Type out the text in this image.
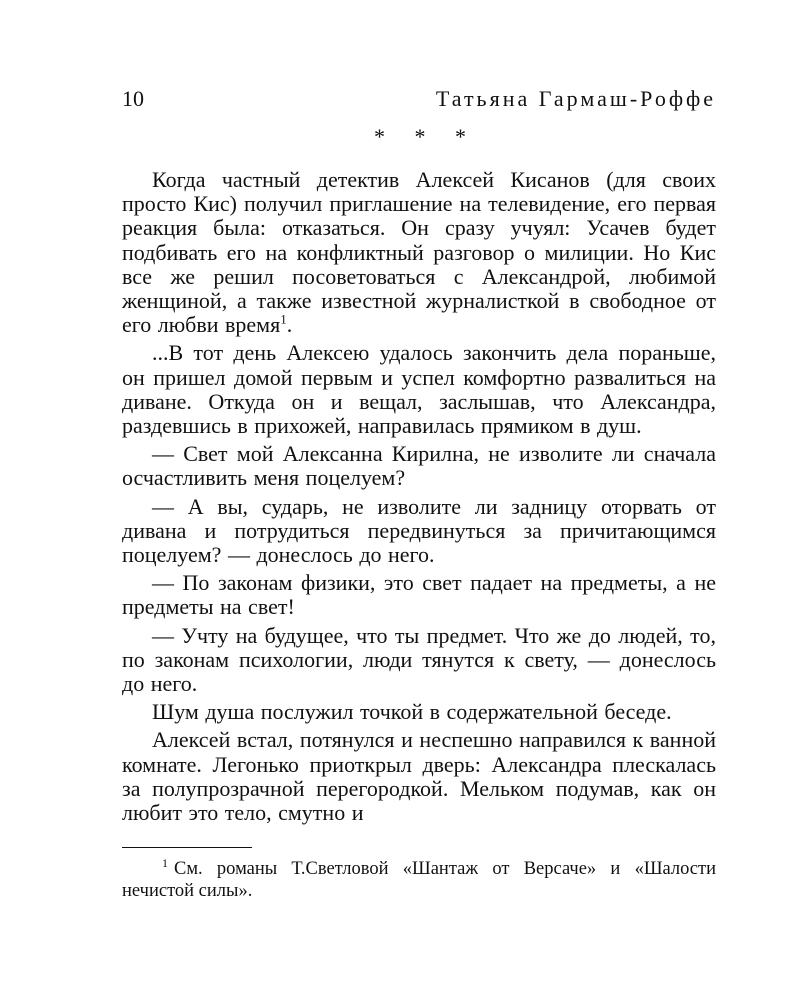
10	Татьяна Гармаш-Роффе
* * *

Когда частный детектив Алексей Кисанов (для своих просто Кис) получил приглашение на телевидение, его первая реакция была: отказаться. Он сразу учуял: Усачев будет подбивать его на конфликтный разговор о милиции. Но Кис все же решил посоветоваться с Александрой, любимой женщиной, а также известной журналисткой в свободное от его любви время$^1$.

...В тот день Алексею удалось закончить дела пораньше, он пришел домой первым и успел комфортно развалиться на диване. Откуда он и вещал, заслышав, что Александра, раздевшись в прихожей, направилась прямиком в душ.

— Свет мой Алексанна Кирилна, не изволите ли сначала осчастливить меня поцелуем?

— А вы, сударь, не изволите ли задницу оторвать от дивана и потрудиться передвинуться за причитающимся поцелуем? — донеслось до него.

— По законам физики, это свет падает на предметы, а не предметы на свет!

— Учту на будущее, что ты предмет. Что же до людей, то, по законам психологии, люди тянутся к свету, — донеслось до него.

Шум душа послужил точкой в содержательной беседе.

Алексей встал, потянулся и неспешно направился к ванной комнате. Легонько приоткрыл дверь: Александра плескалась за полупрозрачной перегородкой. Мельком подумав, как он любит это тело, смутно и

$^1$ См. романы Т.Светловой «Шантаж от Версаче» и «Шалости нечистой силы».
